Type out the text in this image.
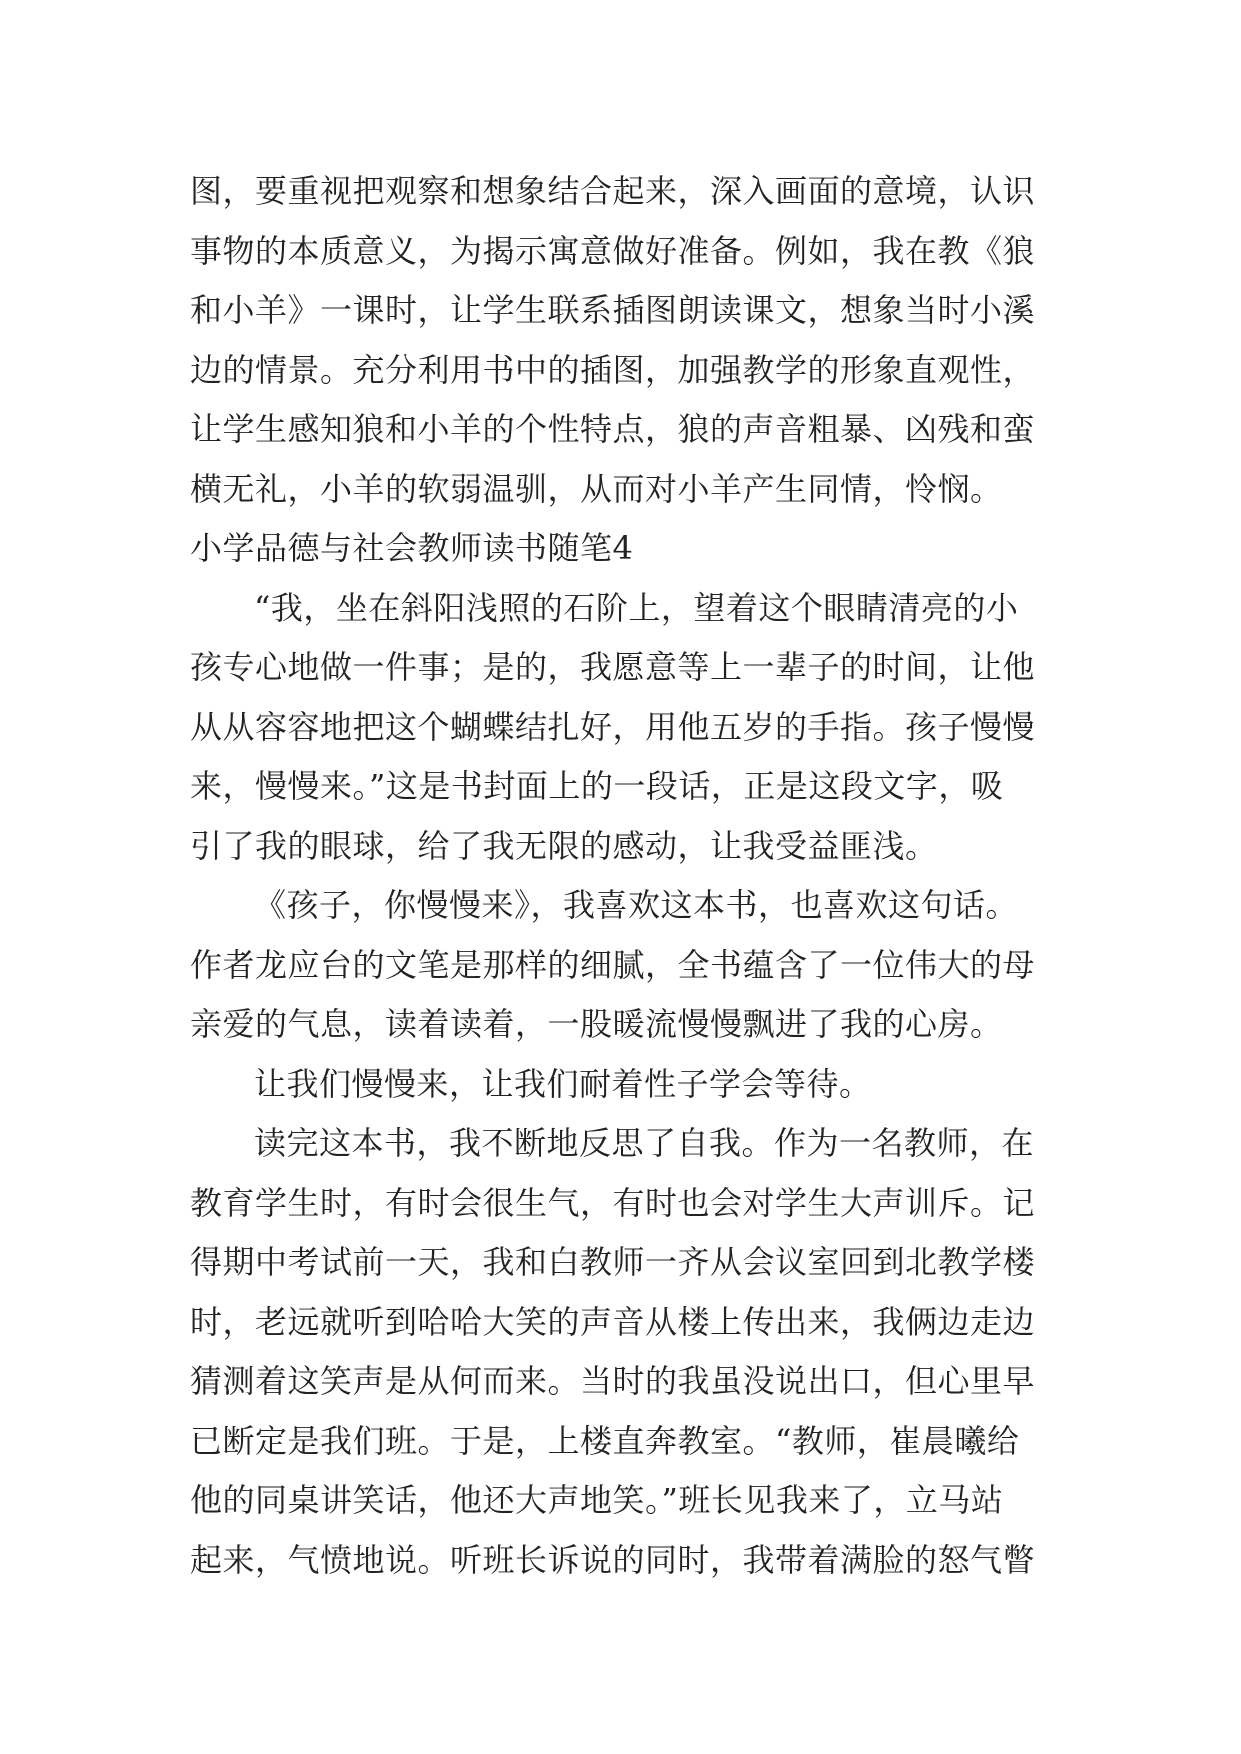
图，要重视把观察和想象结合起来，深入画面的意境，认识
事物的本质意义，为揭示寓意做好准备。例如，我在教《狼
和小羊》一课时，让学生联系插图朗读课文，想象当时小溪
边的情景。充分利用书中的插图，加强教学的形象直观性，
让学生感知狼和小羊的个性特点，狼的声音粗暴、凶残和蛮
横无礼，小羊的软弱温驯，从而对小羊产生同情，怜悯。
小学品德与社会教师读书随笔4
“我，坐在斜阳浅照的石阶上，望着这个眼睛清亮的小
孩专心地做一件事；是的，我愿意等上一辈子的时间，让他
从从容容地把这个蝴蝶结扎好，用他五岁的手指。孩子慢慢
来，慢慢来。”这是书封面上的一段话，正是这段文字，吸
引了我的眼球，给了我无限的感动，让我受益匪浅。
《孩子，你慢慢来》，我喜欢这本书，也喜欢这句话。
作者龙应台的文笔是那样的细腻，全书蕴含了一位伟大的母
亲爱的气息，读着读着，一股暖流慢慢飘进了我的心房。
让我们慢慢来，让我们耐着性子学会等待。
读完这本书，我不断地反思了自我。作为一名教师，在
教育学生时，有时会很生气，有时也会对学生大声训斥。记
得期中考试前一天，我和白教师一齐从会议室回到北教学楼
时，老远就听到哈哈大笑的声音从楼上传出来，我俩边走边
猜测着这笑声是从何而来。当时的我虽没说出口，但心里早
已断定是我们班。于是，上楼直奔教室。“教师，崔晨曦给
他的同桌讲笑话，他还大声地笑。”班长见我来了，立马站
起来，气愤地说。听班长诉说的同时，我带着满脸的怒气瞥
